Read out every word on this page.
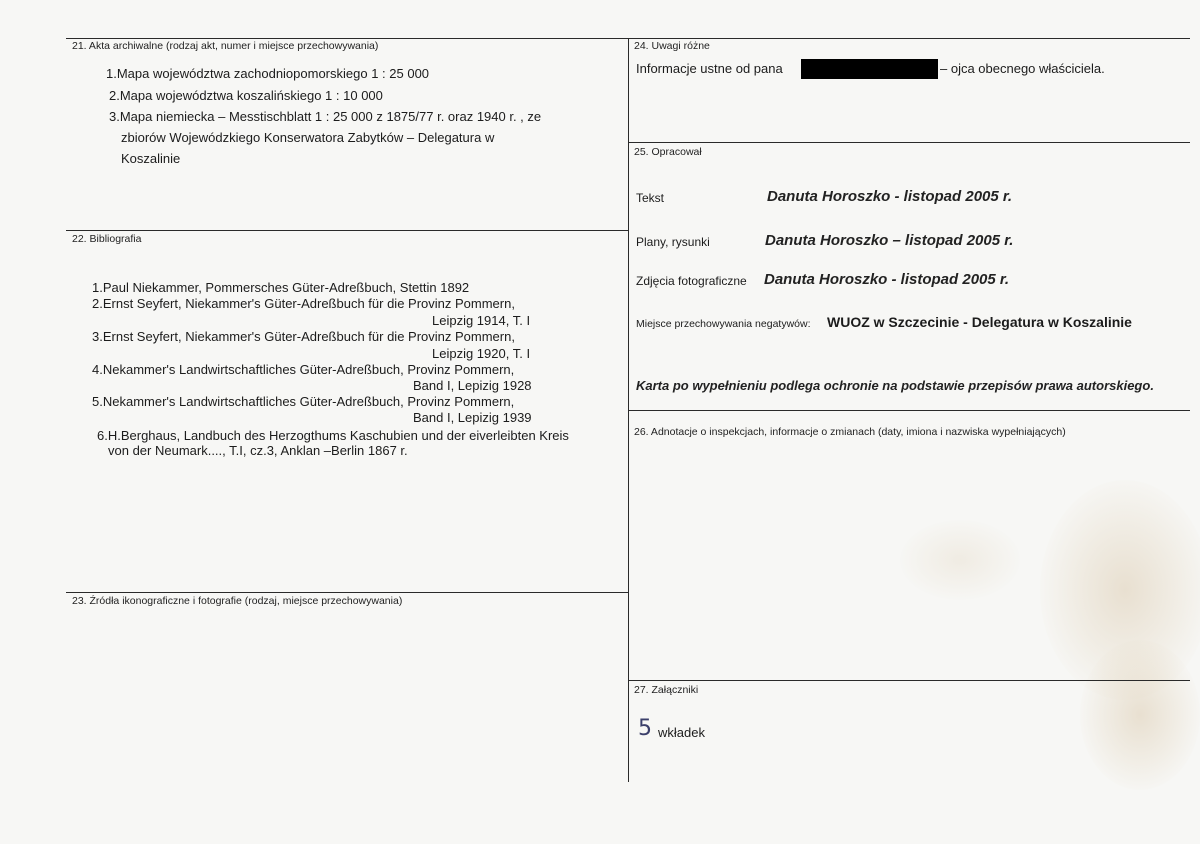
21. Akta archiwalne (rodzaj akt, numer i miejsce przechowywania)
1.Mapa województwa zachodniopomorskiego 1 : 25 000
2.Mapa województwa koszalińskiego 1 : 10 000
3.Mapa niemiecka – Messtischblatt 1 : 25 000 z 1875/77 r. oraz 1940 r. , ze
zbiorów Wojewódzkiego Konserwatora Zabytków – Delegatura w
Koszalinie
22. Bibliografia
1.Paul Niekammer, Pommersches Güter-Adreßbuch, Stettin 1892
2.Ernst Seyfert, Niekammer's Güter-Adreßbuch für die Provinz Pommern,
Leipzig 1914, T. I
3.Ernst Seyfert, Niekammer's Güter-Adreßbuch für die Provinz Pommern,
Leipzig 1920, T. I
4.Nekammer's Landwirtschaftliches Güter-Adreßbuch, Provinz Pommern,
Band I, Lepizig 1928
5.Nekammer's Landwirtschaftliches Güter-Adreßbuch, Provinz Pommern,
Band I, Lepizig 1939
6.H.Berghaus, Landbuch des Herzogthums Kaschubien und der eiverleibten Kreis
von der Neumark...., T.I, cz.3, Anklan –Berlin 1867 r.
23. Źródła ikonograficzne i fotografie (rodzaj, miejsce przechowywania)
24. Uwagi różne
Informacje ustne od pana	– ojca obecnego właściciela.
25. Opracował
Tekst	Danuta Horoszko - listopad 2005 r.
Plany, rysunki	Danuta Horoszko – listopad 2005 r.
Zdjęcia fotograficzne Danuta Horoszko - listopad 2005 r.
Miejsce przechowywania negatywów: WUOZ w Szczecinie - Delegatura w Koszalinie
Karta po wypełnieniu podlega ochronie na podstawie przepisów prawa autorskiego.
26. Adnotacje o inspekcjach, informacje o zmianach (daty, imiona i nazwiska wypełniających)
27. Załączniki
5 wkładek
